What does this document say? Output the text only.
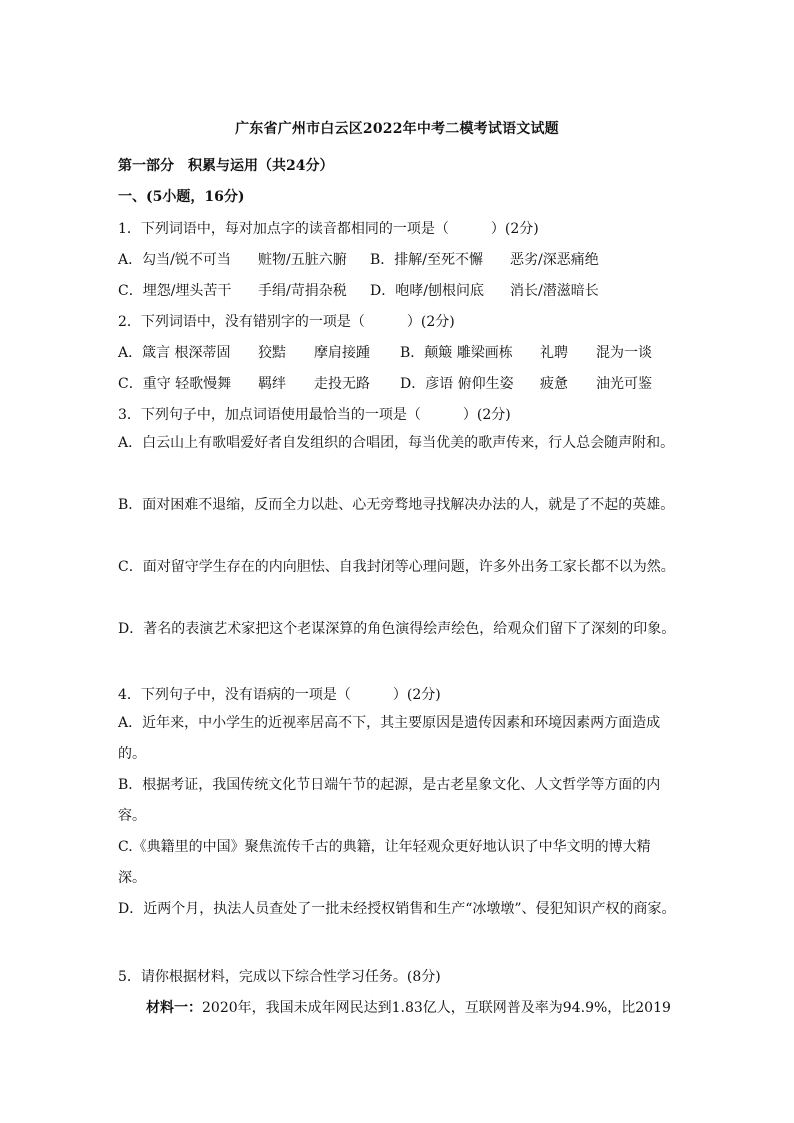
广东省广州市白云区2022年中考二模考试语文试题
第一部分　积累与运用（共24分）
一、(5小题，16分)
1．下列词语中，每对加点字的读音都相同的一项是（　　　）(2分)
A．勾当/锐不可当 赃物/五脏六腑 B．排解/至死不懈 恶劣/深恶痛绝
C．埋怨/埋头苦干 手绢/苛捐杂税 D．咆哮/刨根问底 消长/潜滋暗长
2．下列词语中，没有错别字的一项是（　　　）(2分)
A．箴言 根深蒂固 狡黠 摩肩接踵 B．颠簸 雕梁画栋 礼聘 混为一谈
C．重守 轻歌慢舞 羁绊 走投无路 D．彦语 俯仰生姿 疲惫 油光可鉴
3．下列句子中，加点词语使用最恰当的一项是（　　　）(2分)
A．白云山上有歌唱爱好者自发组织的合唱团，每当优美的歌声传来，行人总会随声附和。
B．面对困难不退缩，反而全力以赴、心无旁骛地寻找解决办法的人，就是了不起的英雄。
C．面对留守学生存在的内向胆怯、自我封闭等心理问题，许多外出务工家长都不以为然。
D．著名的表演艺术家把这个老谋深算的角色演得绘声绘色，给观众们留下了深刻的印象。
4．下列句子中，没有语病的一项是（　　　）(2分)
A．近年来，中小学生的近视率居高不下，其主要原因是遗传因素和环境因素两方面造成的。
B．根据考证，我国传统文化节日端午节的起源，是古老星象文化、人文哲学等方面的内容。
C.《典籍里的中国》聚焦流传千古的典籍，让年轻观众更好地认识了中华文明的博大精深。
D．近两个月，执法人员查处了一批未经授权销售和生产“冰墩墩”、侵犯知识产权的商家。
5．请你根据材料，完成以下综合性学习任务。(8分)
材料一：2020年，我国未成年网民达到1.83亿人，互联网普及率为94.9%，比2019
